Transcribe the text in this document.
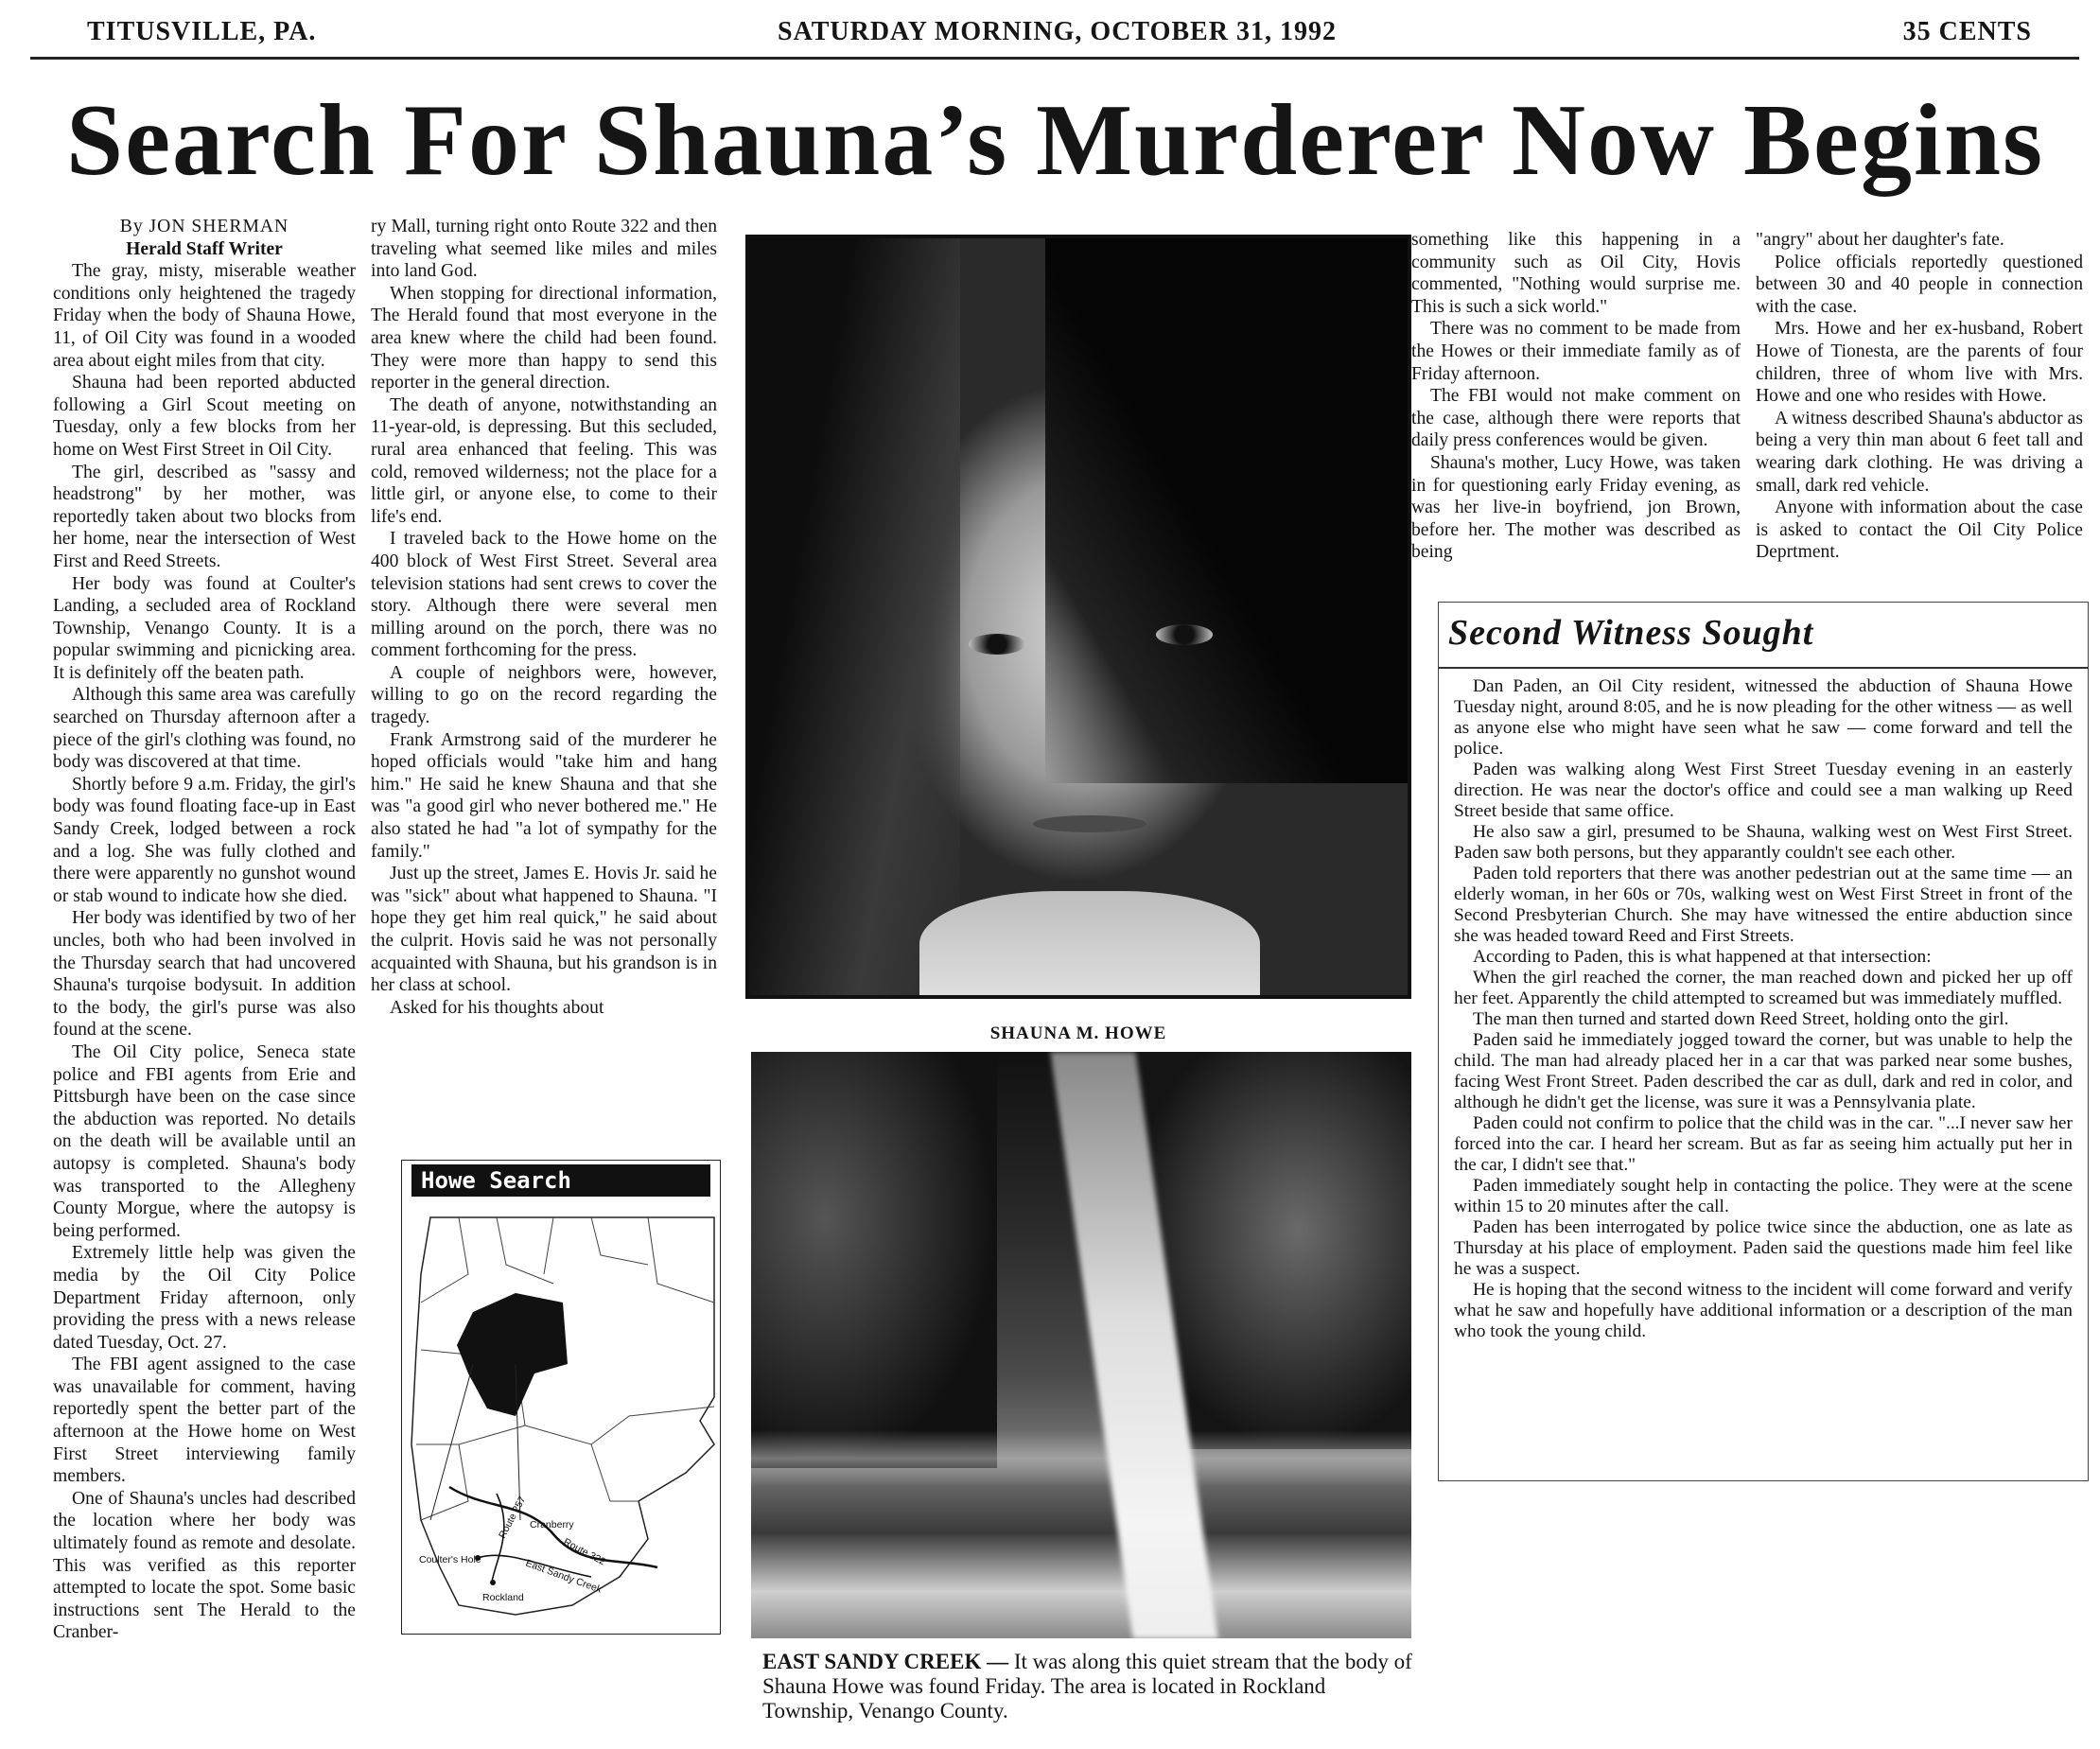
TITUSVILLE, PA.	SATURDAY MORNING, OCTOBER 31, 1992	35 CENTS
Search For Shauna’s Murderer Now Begins
By JON SHERMAN
Herald Staff Writer

The gray, misty, miserable weather conditions only heightened the tragedy Friday when the body of Shauna Howe, 11, of Oil City was found in a wooded area about eight miles from that city.

Shauna had been reported abducted following a Girl Scout meeting on Tuesday, only a few blocks from her home on West First Street in Oil City.

The girl, described as "sassy and headstrong" by her mother, was reportedly taken about two blocks from her home, near the intersection of West First and Reed Streets.

Her body was found at Coulter's Landing, a secluded area of Rockland Township, Venango County. It is a popular swimming and picnicking area. It is definitely off the beaten path.

Although this same area was carefully searched on Thursday afternoon after a piece of the girl's clothing was found, no body was discovered at that time.

Shortly before 9 a.m. Friday, the girl's body was found floating face-up in East Sandy Creek, lodged between a rock and a log. She was fully clothed and there were apparently no gunshot wound or stab wound to indicate how she died.

Her body was identified by two of her uncles, both who had been involved in the Thursday search that had uncovered Shauna's turqoise bodysuit. In addition to the body, the girl's purse was also found at the scene.

The Oil City police, Seneca state police and FBI agents from Erie and Pittsburgh have been on the case since the abduction was reported. No details on the death will be available until an autopsy is completed. Shauna's body was transported to the Allegheny County Morgue, where the autopsy is being performed.

Extremely little help was given the media by the Oil City Police Department Friday afternoon, only providing the press with a news release dated Tuesday, Oct. 27.

The FBI agent assigned to the case was unavailable for comment, having reportedly spent the better part of the afternoon at the Howe home on West First Street interviewing family members.

One of Shauna's uncles had described the location where her body was ultimately found as remote and desolate. This was verified as this reporter attempted to locate the spot. Some basic instructions sent The Herald to the Cranber-

ry Mall, turning right onto Route 322 and then traveling what seemed like miles and miles into land God.

When stopping for directional information, The Herald found that most everyone in the area knew where the child had been found. They were more than happy to send this reporter in the general direction.

The death of anyone, notwithstanding an 11-year-old, is depressing. But this secluded, rural area enhanced that feeling. This was cold, removed wilderness; not the place for a little girl, or anyone else, to come to their life's end.

I traveled back to the Howe home on the 400 block of West First Street. Several area television stations had sent crews to cover the story. Although there were several men milling around on the porch, there was no comment forthcoming for the press.

A couple of neighbors were, however, willing to go on the record regarding the tragedy.

Frank Armstrong said of the murderer he hoped officials would "take him and hang him." He said he knew Shauna and that she was "a good girl who never bothered me." He also stated he had "a lot of sympathy for the family."

Just up the street, James E. Hovis Jr. said he was "sick" about what happened to Shauna. "I hope they get him real quick," he said about the culprit. Hovis said he was not personally acquainted with Shauna, but his grandson is in her class at school.

Asked for his thoughts about

Route 257 Cranberry
Route 322
Coulter's Hole	East Sandy Creek
Rockland
Howe Search
SHAUNA M. HOWE
EAST SANDY CREEK — It was along this quiet stream that the body of Shauna Howe was found Friday. The area is located in Rockland Township, Venango County.

something like this happening in a community such as Oil City, Hovis commented, "Nothing would surprise me. This is such a sick world."

There was no comment to be made from the Howes or their immediate family as of Friday afternoon.

The FBI would not make comment on the case, although there were reports that daily press conferences would be given.

Shauna's mother, Lucy Howe, was taken in for questioning early Friday evening, as was her live-in boyfriend, jon Brown, before her. The mother was described as being

"angry" about her daughter's fate.

Police officials reportedly questioned between 30 and 40 people in connection with the case.

Mrs. Howe and her ex-husband, Robert Howe of Tionesta, are the parents of four children, three of whom live with Mrs. Howe and one who resides with Howe.

A witness described Shauna's abductor as being a very thin man about 6 feet tall and wearing dark clothing. He was driving a small, dark red vehicle.

Anyone with information about the case is asked to contact the Oil City Police Deprtment.

Second Witness Sought

Dan Paden, an Oil City resident, witnessed the abduction of Shauna Howe Tuesday night, around 8:05, and he is now pleading for the other witness — as well as anyone else who might have seen what he saw — come forward and tell the police.

Paden was walking along West First Street Tuesday evening in an easterly direction. He was near the doctor's office and could see a man walking up Reed Street beside that same office.

He also saw a girl, presumed to be Shauna, walking west on West First Street. Paden saw both persons, but they apparantly couldn't see each other.

Paden told reporters that there was another pedestrian out at the same time — an elderly woman, in her 60s or 70s, walking west on West First Street in front of the Second Presbyterian Church. She may have witnessed the entire abduction since she was headed toward Reed and First Streets.

According to Paden, this is what happened at that intersection:

When the girl reached the corner, the man reached down and picked her up off her feet. Apparently the child attempted to screamed but was immediately muffled.

The man then turned and started down Reed Street, holding onto the girl.

Paden said he immediately jogged toward the corner, but was unable to help the child. The man had already placed her in a car that was parked near some bushes, facing West Front Street. Paden described the car as dull, dark and red in color, and although he didn't get the license, was sure it was a Pennsylvania plate.

Paden could not confirm to police that the child was in the car. "...I never saw her forced into the car. I heard her scream. But as far as seeing him actually put her in the car, I didn't see that."

Paden immediately sought help in contacting the police. They were at the scene within 15 to 20 minutes after the call.

Paden has been interrogated by police twice since the abduction, one as late as Thursday at his place of employment. Paden said the questions made him feel like he was a suspect.

He is hoping that the second witness to the incident will come forward and verify what he saw and hopefully have additional information or a description of the man who took the young child.
